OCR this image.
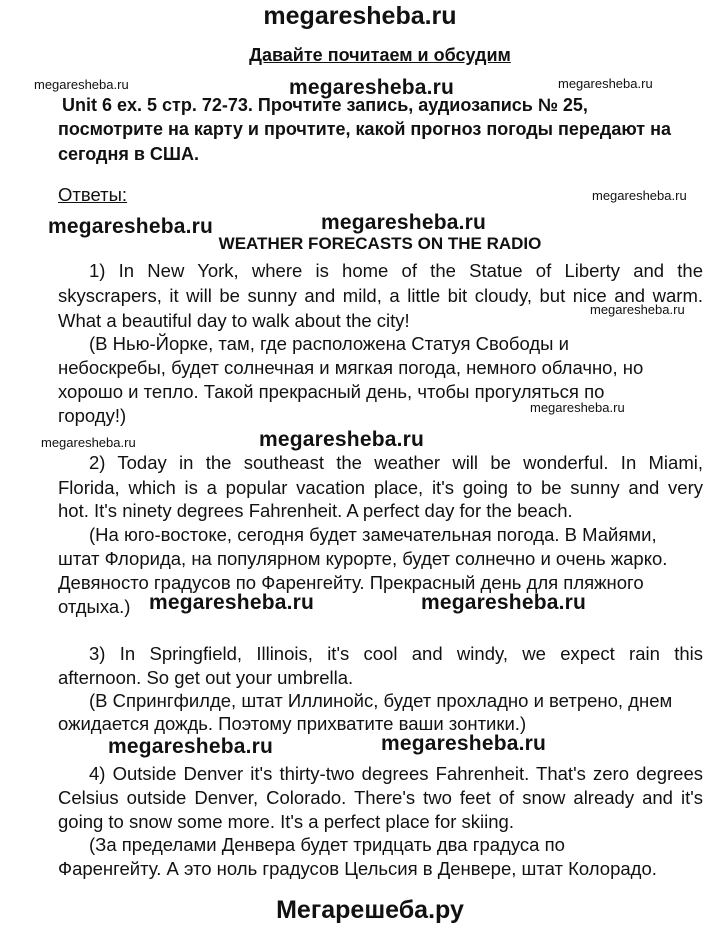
megaresheba.ru
Давайте почитаем и обсудим
megaresheba.ru	megaresheba.ru	megaresheba.ru
Unit 6 ex. 5 стр. 72-73. Прочтите запись, аудиозапись № 25,
посмотрите на карту и прочтите, какой прогноз погоды передают на
сегодня в США.
Ответы:	megaresheba.ru
megaresheba.ru	megaresheba.ru
WEATHER FORECASTS ON THE RADIO
1) In New York, where is home of the Statue of Liberty and the
skyscrapers, it will be sunny and mild, a little bit cloudy, but nice and warm.
What a beautiful day to walk about the city!
megaresheba.ru
(В Нью-Йорке, там, где расположена Статуя Свободы и
небоскребы, будет солнечная и мягкая погода, немного облачно, но
хорошо и тепло. Такой прекрасный день, чтобы прогуляться по
городу!)	megaresheba.ru
megaresheba.ru	megaresheba.ru
2) Today in the southeast the weather will be wonderful. In Miami,
Florida, which is a popular vacation place, it's going to be sunny and very
hot. It's ninety degrees Fahrenheit. A perfect day for the beach.
(На юго-востоке, сегодня будет замечательная погода. В Майями,
штат Флорида, на популярном курорте, будет солнечно и очень жарко.
Девяносто градусов по Фаренгейту. Прекрасный день для пляжного
отдыха.) megaresheba.ru	megaresheba.ru
3) In Springfield, Illinois, it's cool and windy, we expect rain this
afternoon. So get out your umbrella.
(В Спрингфилде, штат Иллинойс, будет прохладно и ветрено, днем
ожидается дождь. Поэтому прихватите ваши зонтики.)
megaresheba.ru	megaresheba.ru
4) Outside Denver it's thirty-two degrees Fahrenheit. That's zero degrees
Celsius outside Denver, Colorado. There's two feet of snow already and it's
going to snow some more. It's a perfect place for skiing.
(За пределами Денвера будет тридцать два градуса по
Фаренгейту. А это ноль градусов Цельсия в Денвере, штат Колорадо.
Мегарешеба.ру
